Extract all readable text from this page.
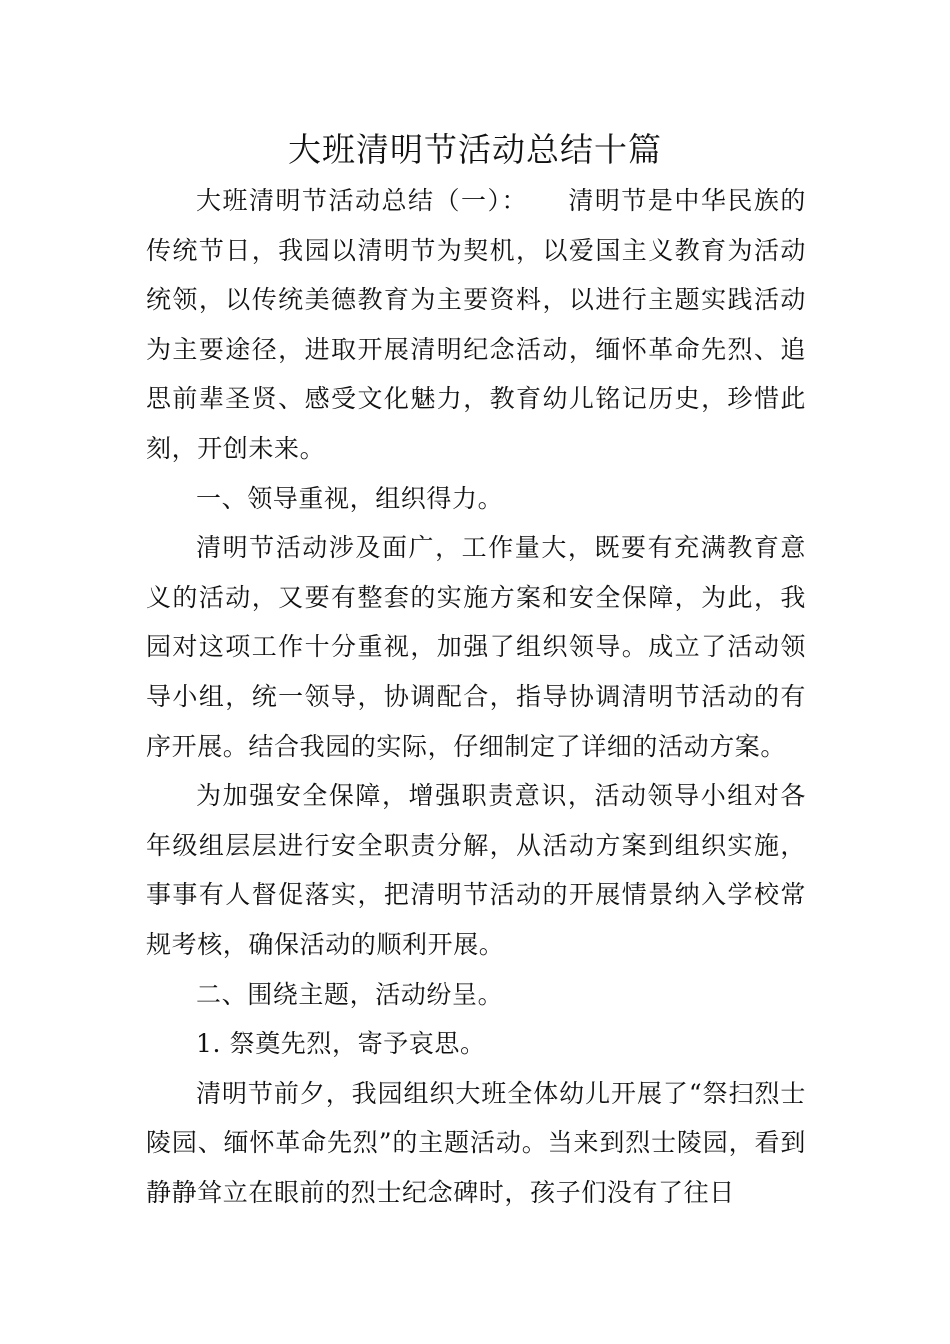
大班清明节活动总结十篇

大班清明节活动总结（一）：　　清明节是中华民族的传统节日，我园以清明节为契机，以爱国主义教育为活动统领，以传统美德教育为主要资料，以进行主题实践活动为主要途径，进取开展清明纪念活动，缅怀革命先烈、追思前辈圣贤、感受文化魅力，教育幼儿铭记历史，珍惜此刻，开创未来。

一、领导重视，组织得力。

清明节活动涉及面广，工作量大，既要有充满教育意义的活动，又要有整套的实施方案和安全保障，为此，我园对这项工作十分重视，加强了组织领导。成立了活动领导小组，统一领导，协调配合，指导协调清明节活动的有序开展。结合我园的实际，仔细制定了详细的活动方案。

为加强安全保障，增强职责意识，活动领导小组对各年级组层层进行安全职责分解，从活动方案到组织实施，事事有人督促落实，把清明节活动的开展情景纳入学校常规考核，确保活动的顺利开展。

二、围绕主题，活动纷呈。

1. 祭奠先烈，寄予哀思。

清明节前夕，我园组织大班全体幼儿开展了“祭扫烈士陵园、缅怀革命先烈”的主题活动。当来到烈士陵园，看到静静耸立在眼前的烈士纪念碑时，孩子们没有了往日
